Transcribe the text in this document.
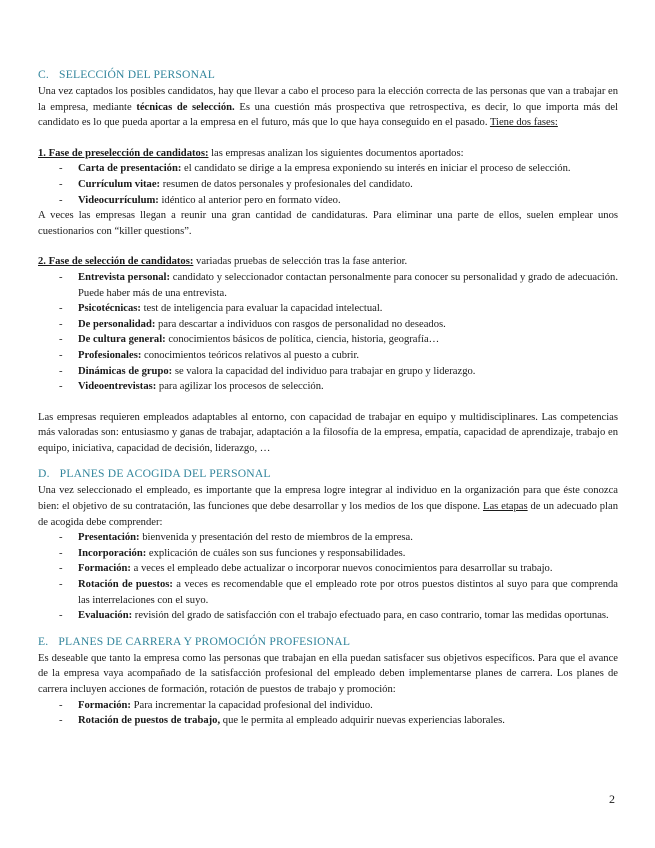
C. SELECCIÓN DEL PERSONAL

Una vez captados los posibles candidatos, hay que llevar a cabo el proceso para la elección correcta de las personas que van a trabajar en la empresa, mediante técnicas de selección. Es una cuestión más prospectiva que retrospectiva, es decir, lo que importa más del candidato es lo que pueda aportar a la empresa en el futuro, más que lo que haya conseguido en el pasado. Tiene dos fases:

1. Fase de preselección de candidatos: las empresas analizan los siguientes documentos aportados:

- Carta de presentación: el candidato se dirige a la empresa exponiendo su interés en iniciar el proceso de selección.
- Currículum vitae: resumen de datos personales y profesionales del candidato.
- Videocurrículum: idéntico al anterior pero en formato vídeo.

A veces las empresas llegan a reunir una gran cantidad de candidaturas. Para eliminar una parte de ellos, suelen emplear unos cuestionarios con “killer questions”.

2. Fase de selección de candidatos: variadas pruebas de selección tras la fase anterior.

- Entrevista personal: candidato y seleccionador contactan personalmente para conocer su personalidad y grado de adecuación. Puede haber más de una entrevista.
- Psicotécnicas: test de inteligencia para evaluar la capacidad intelectual.
- De personalidad: para descartar a individuos con rasgos de personalidad no deseados.
- De cultura general: conocimientos básicos de política, ciencia, historia, geografía…
- Profesionales: conocimientos teóricos relativos al puesto a cubrir.
- Dinámicas de grupo: se valora la capacidad del individuo para trabajar en grupo y liderazgo.
- Videoentrevistas: para agilizar los procesos de selección.

Las empresas requieren empleados adaptables al entorno, con capacidad de trabajar en equipo y multidisciplinares. Las competencias más valoradas son: entusiasmo y ganas de trabajar, adaptación a la filosofía de la empresa, empatía, capacidad de aprendizaje, trabajo en equipo, iniciativa, capacidad de decisión, liderazgo, …

D. PLANES DE ACOGIDA DEL PERSONAL

Una vez seleccionado el empleado, es importante que la empresa logre integrar al individuo en la organización para que éste conozca bien: el objetivo de su contratación, las funciones que debe desarrollar y los medios de los que dispone. Las etapas de un adecuado plan de acogida debe comprender:

- Presentación: bienvenida y presentación del resto de miembros de la empresa.
- Incorporación: explicación de cuáles son sus funciones y responsabilidades.
- Formación: a veces el empleado debe actualizar o incorporar nuevos conocimientos para desarrollar su trabajo.
- Rotación de puestos: a veces es recomendable que el empleado rote por otros puestos distintos al suyo para que comprenda las interrelaciones con el suyo.
- Evaluación: revisión del grado de satisfacción con el trabajo efectuado para, en caso contrario, tomar las medidas oportunas.
E. PLANES DE CARRERA Y PROMOCIÓN PROFESIONAL

Es deseable que tanto la empresa como las personas que trabajan en ella puedan satisfacer sus objetivos específicos. Para que el avance de la empresa vaya acompañado de la satisfacción profesional del empleado deben implementarse planes de carrera. Los planes de carrera incluyen acciones de formación, rotación de puestos de trabajo y promoción:

- Formación: Para incrementar la capacidad profesional del individuo.
- Rotación de puestos de trabajo, que le permita al empleado adquirir nuevas experiencias laborales.
2
